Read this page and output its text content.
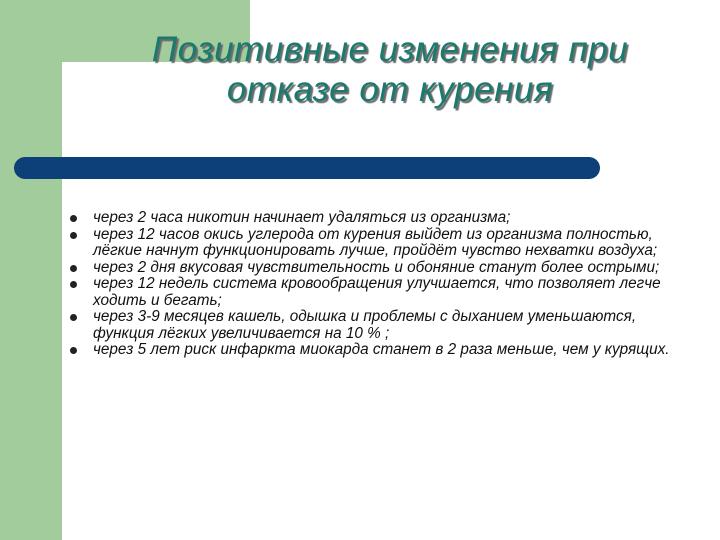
Позитивные изменения при
отказе от курения
через 2 часа никотин начинает удаляться из организма;
через 12 часов окись углерода от курения выйдет из организма полностью, лёгкие начнут функционировать лучше, пройдёт чувство нехватки воздуха;
через 2 дня вкусовая чувствительность и обоняние станут более острыми;
через 12 недель система кровообращения улучшается, что позволяет легче ходить и бегать;
через 3-9 месяцев кашель, одышка и проблемы с дыханием уменьшаются, функция лёгких увеличивается на 10 % ;
через 5 лет риск инфаркта миокарда станет в 2 раза меньше, чем у курящих.
